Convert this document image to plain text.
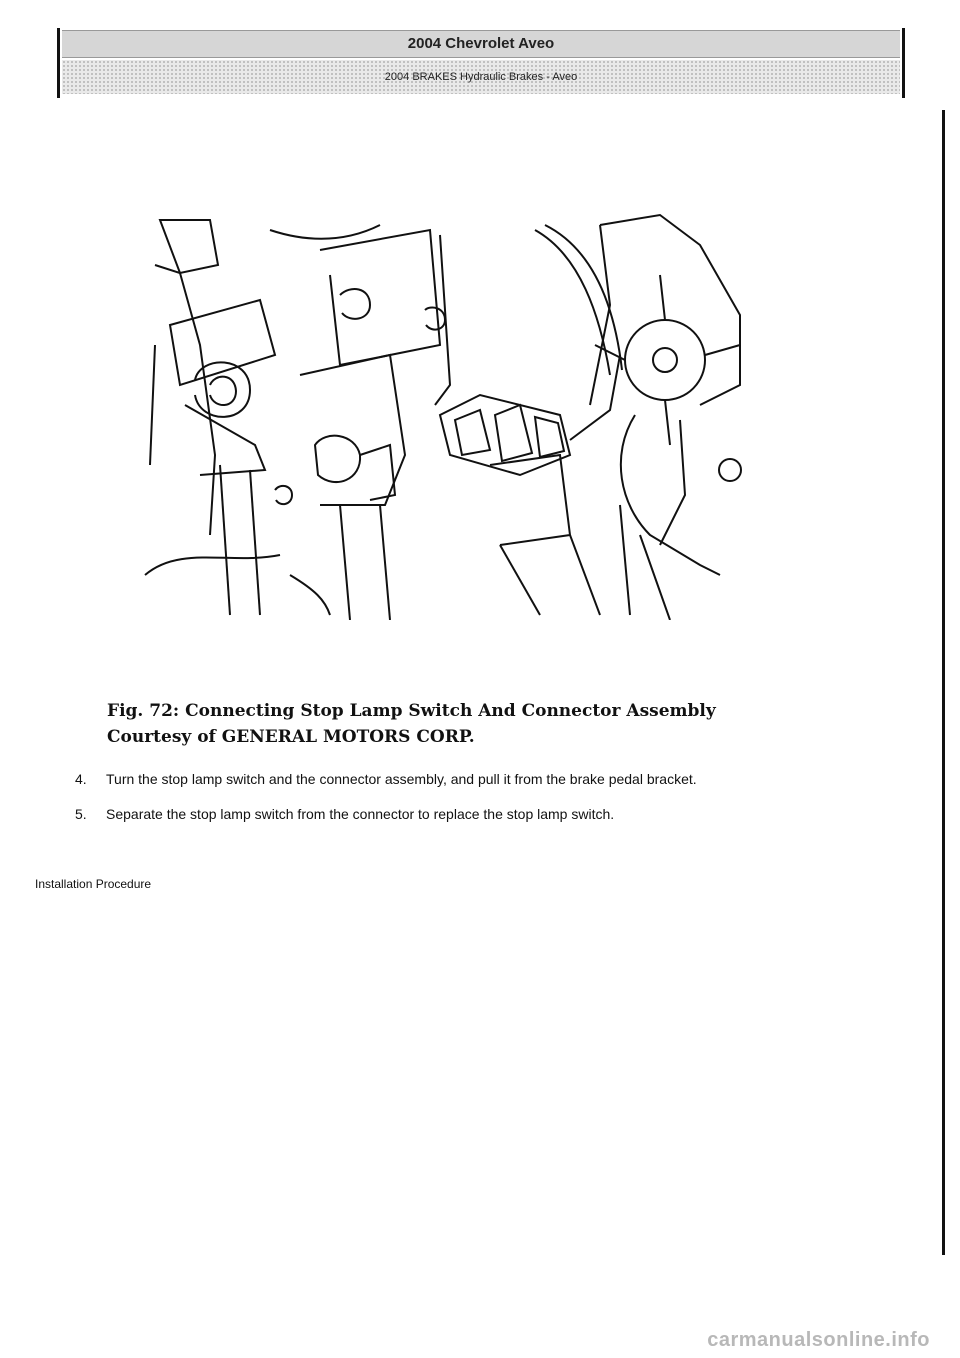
2004 Chevrolet Aveo
2004 BRAKES Hydraulic Brakes - Aveo
Fig. 72: Connecting Stop Lamp Switch And Connector Assembly
Courtesy of GENERAL MOTORS CORP.
4.	Turn the stop lamp switch and the connector assembly, and pull it from the brake pedal bracket.
5.	Separate the stop lamp switch from the connector to replace the stop lamp switch.
Installation Procedure
carmanualsonline.info
